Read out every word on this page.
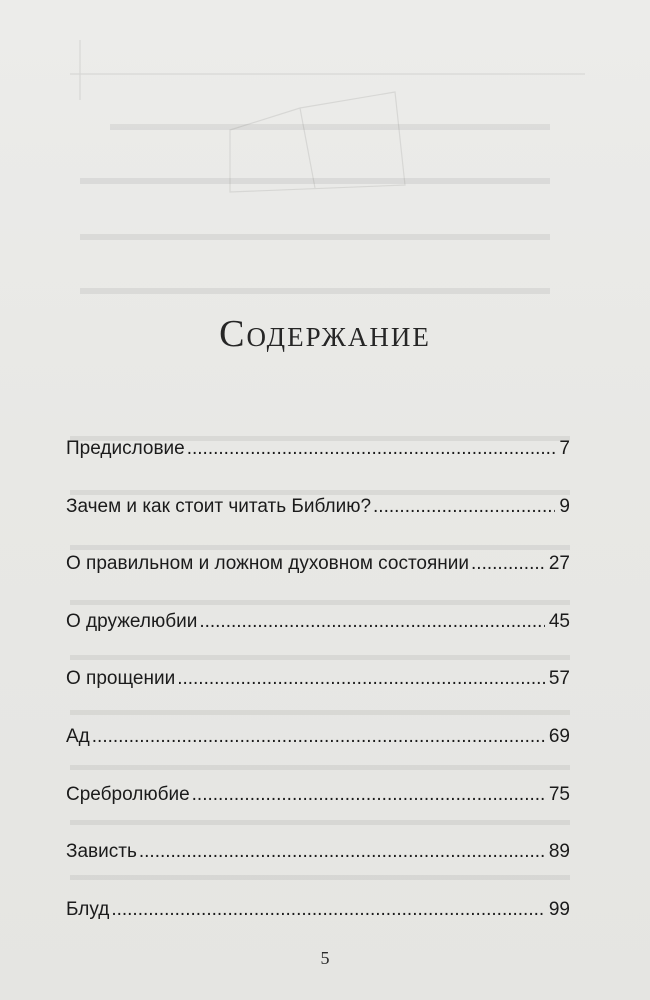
Содержание
Предисловие .....	7
Зачем и как стоит читать Библию? .....	9
О правильном и ложном духовном состоянии .....	27
О дружелюбии .....	45
О прощении .....	57
Ад .....	69
Сребролюбие .....	75
Зависть .....	89
Блуд .....	99
5
